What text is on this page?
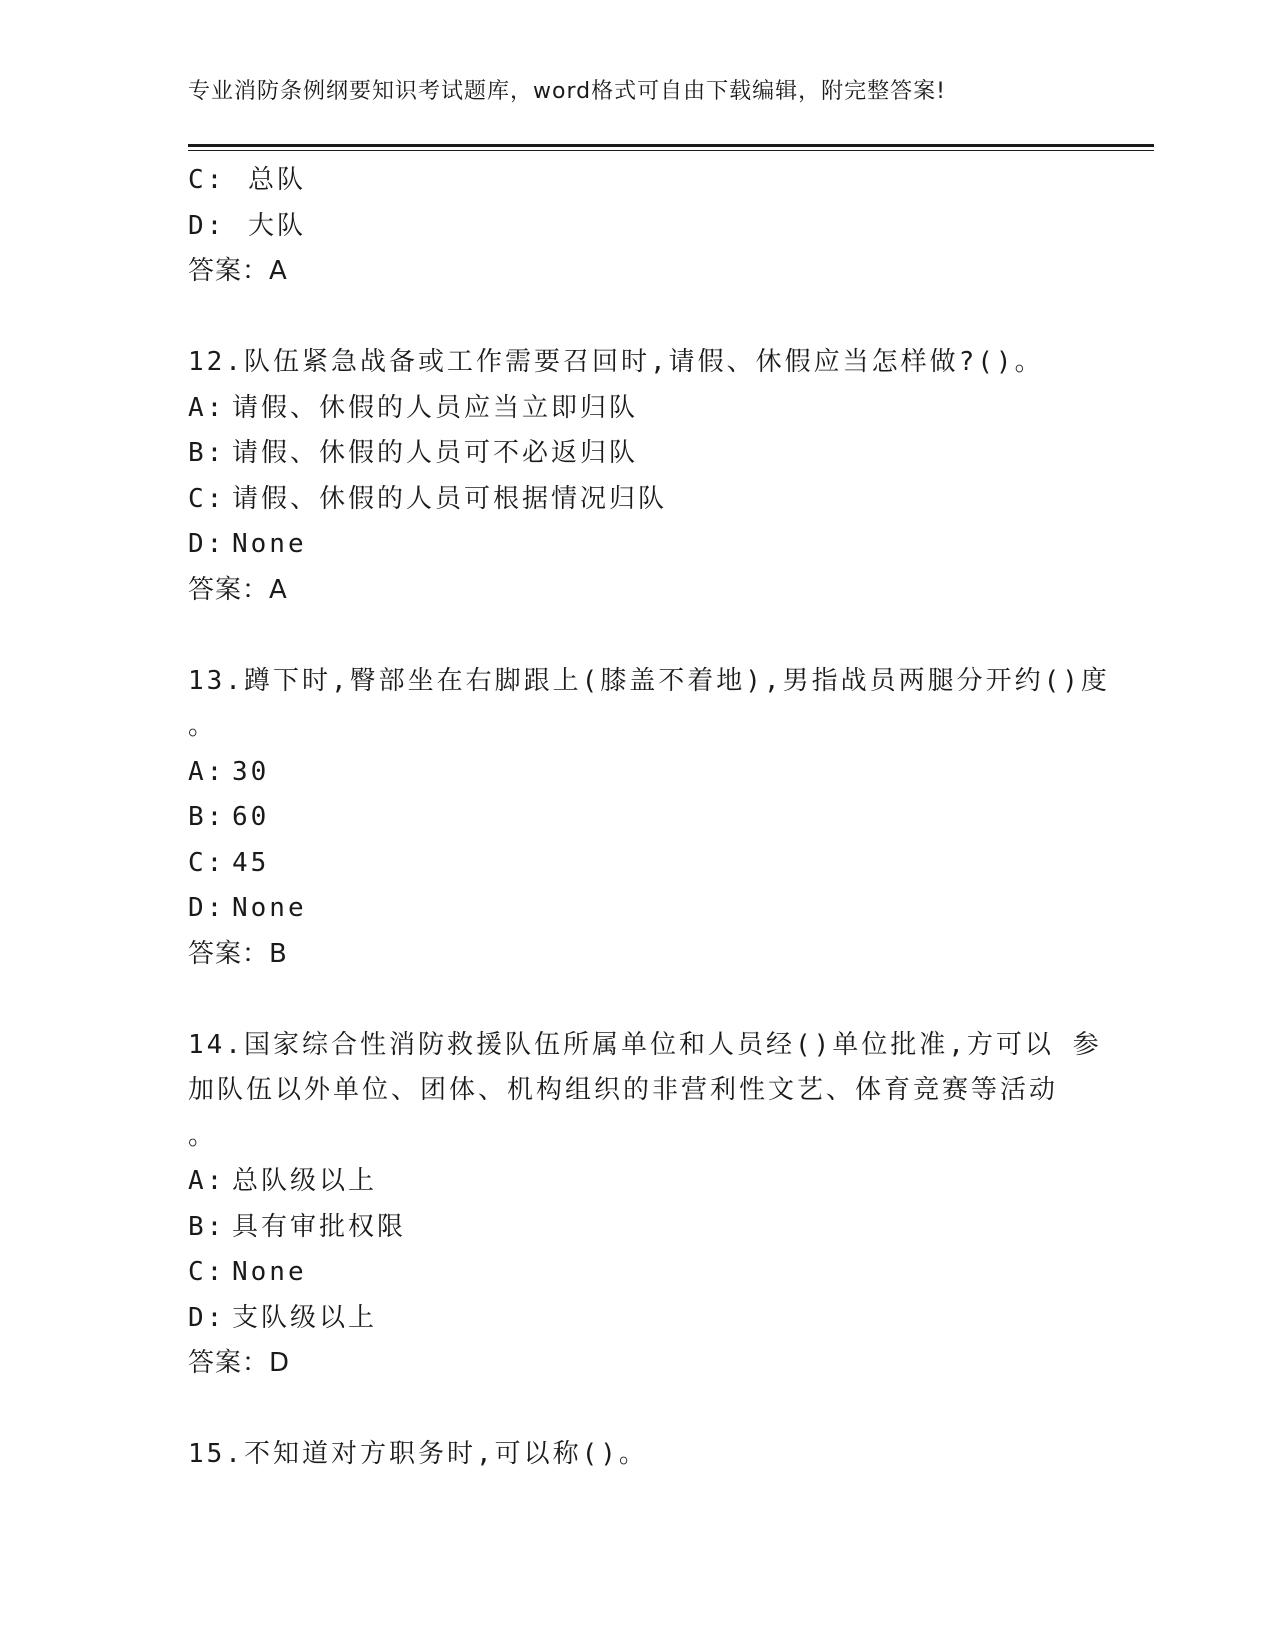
专业消防条例纲要知识考试题库，word格式可自由下载编辑，附完整答案!
C: 总队
D: 大队
答案：A
12.队伍紧急战备或工作需要召回时,请假、休假应当怎样做?()。
A: 请假、休假的人员应当立即归队
B: 请假、休假的人员可不必返归队
C: 请假、休假的人员可根据情况归队
D: None
答案：A
13.蹲下时,臀部坐在右脚跟上(膝盖不着地),男指战员两腿分开约()度
。
A: 30
B: 60
C: 45
D: None
答案：B
14.国家综合性消防救援队伍所属单位和人员经()单位批准,方可以 参
加队伍以外单位、团体、机构组织的非营利性文艺、体育竞赛等活动
。
A: 总队级以上
B: 具有审批权限
C: None
D: 支队级以上
答案：D
15.不知道对方职务时,可以称()。
